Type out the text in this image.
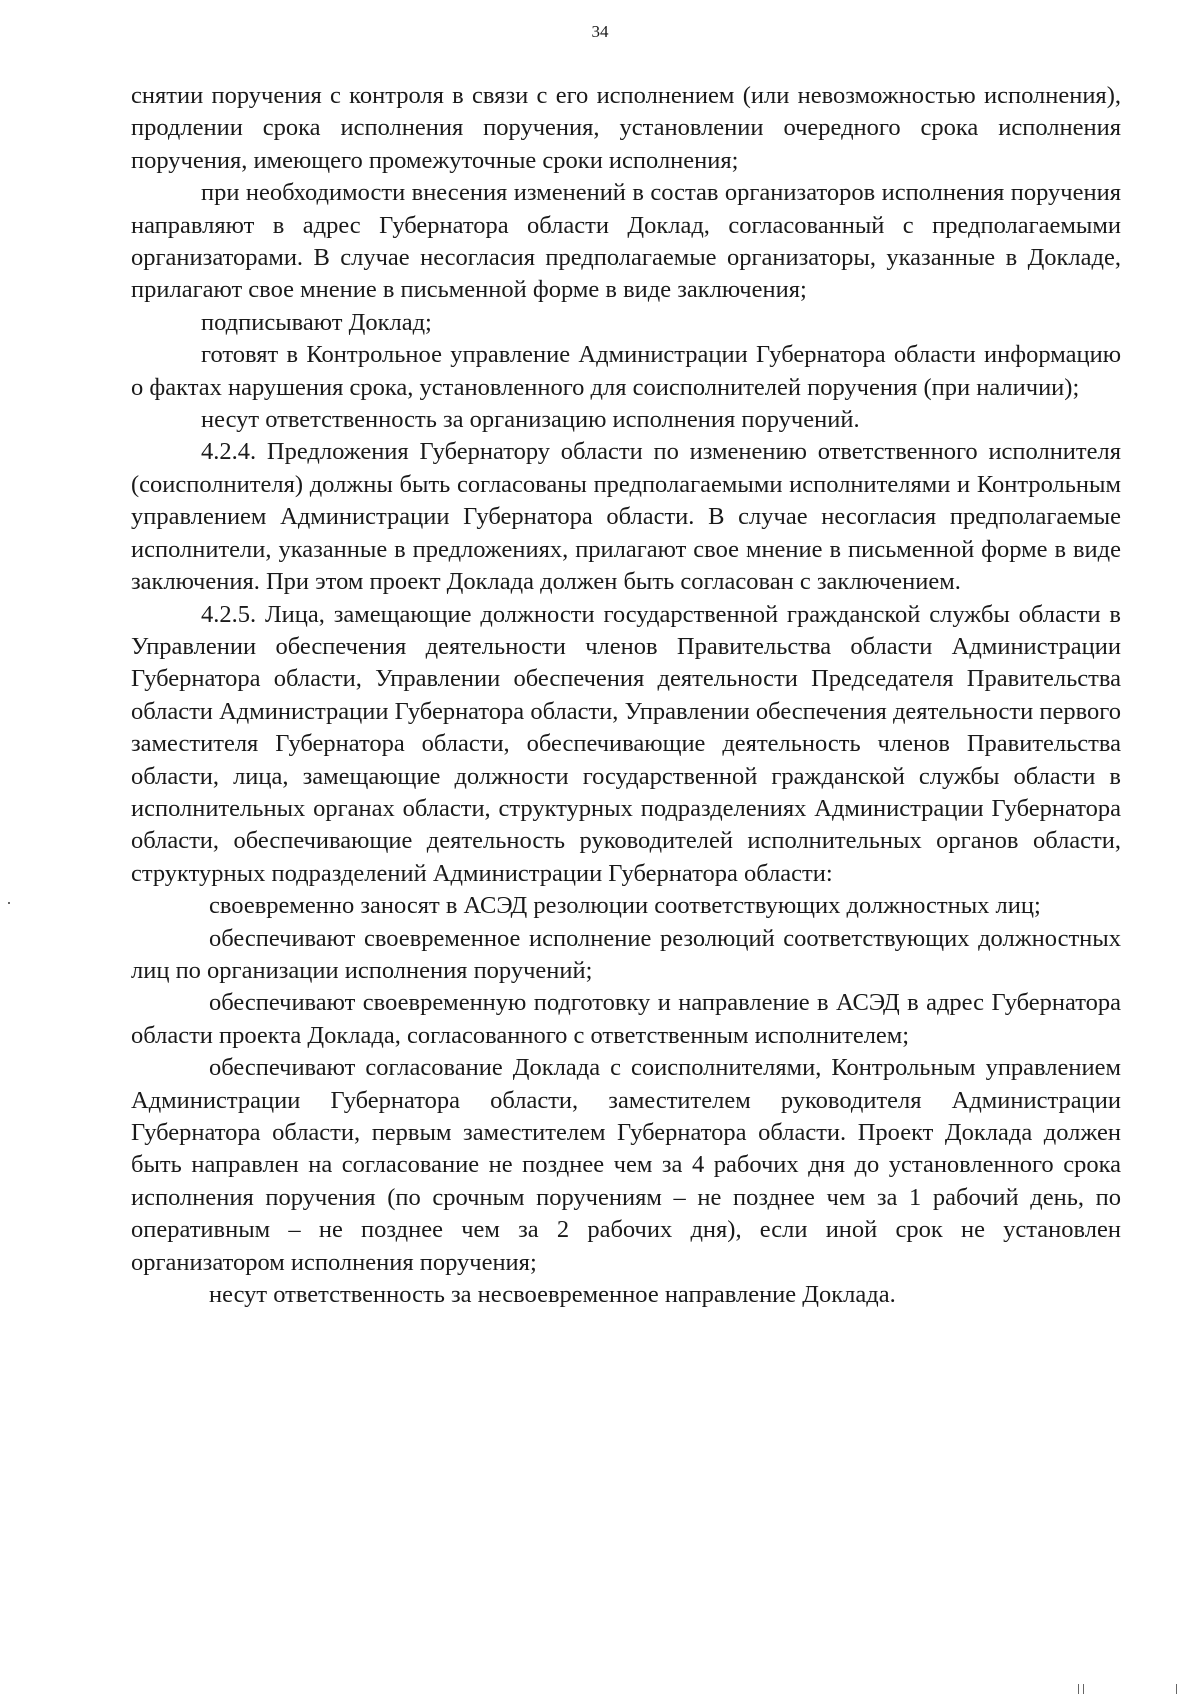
34

снятии поручения с контроля в связи с его исполнением (или невозможностью исполнения), продлении срока исполнения поручения, установлении очередного срока исполнения поручения, имеющего промежуточные сроки исполнения;

при необходимости внесения изменений в состав организаторов исполнения поручения направляют в адрес Губернатора области Доклад, согласованный с предполагаемыми организаторами. В случае несогласия предполагаемые организаторы, указанные в Докладе, прилагают свое мнение в письменной форме в виде заключения;

подписывают Доклад;

готовят в Контрольное управление Администрации Губернатора области информацию о фактах нарушения срока, установленного для соисполнителей поручения (при наличии);

несут ответственность за организацию исполнения поручений.

4.2.4. Предложения Губернатору области по изменению ответственного исполнителя (соисполнителя) должны быть согласованы предполагаемыми исполнителями и Контрольным управлением Администрации Губернатора области. В случае несогласия предполагаемые исполнители, указанные в предложениях, прилагают свое мнение в письменной форме в виде заключения. При этом проект Доклада должен быть согласован с заключением.

4.2.5. Лица, замещающие должности государственной гражданской службы области в Управлении обеспечения деятельности членов Правительства области Администрации Губернатора области, Управлении обеспечения деятельности Председателя Правительства области Администрации Губернатора области, Управлении обеспечения деятельности первого заместителя Губернатора области, обеспечивающие деятельность членов Правительства области, лица, замещающие должности государственной гражданской службы области в исполнительных органах области, структурных подразделениях Администрации Губернатора области, обеспечивающие деятельность руководителей исполнительных органов области, структурных подразделений Администрации Губернатора области:

своевременно заносят в АСЭД резолюции соответствующих должностных лиц;

обеспечивают своевременное исполнение резолюций соответствующих должностных лиц по организации исполнения поручений;

обеспечивают своевременную подготовку и направление в АСЭД в адрес Губернатора области проекта Доклада, согласованного с ответственным исполнителем;

обеспечивают согласование Доклада с соисполнителями, Контрольным управлением Администрации Губернатора области, заместителем руководителя Администрации Губернатора области, первым заместителем Губернатора области. Проект Доклада должен быть направлен на согласование не позднее чем за 4 рабочих дня до установленного срока исполнения поручения (по срочным поручениям – не позднее чем за 1 рабочий день, по оперативным – не позднее чем за 2 рабочих дня), если иной срок не установлен организатором исполнения поручения;

несут ответственность за несвоевременное направление Доклада.
